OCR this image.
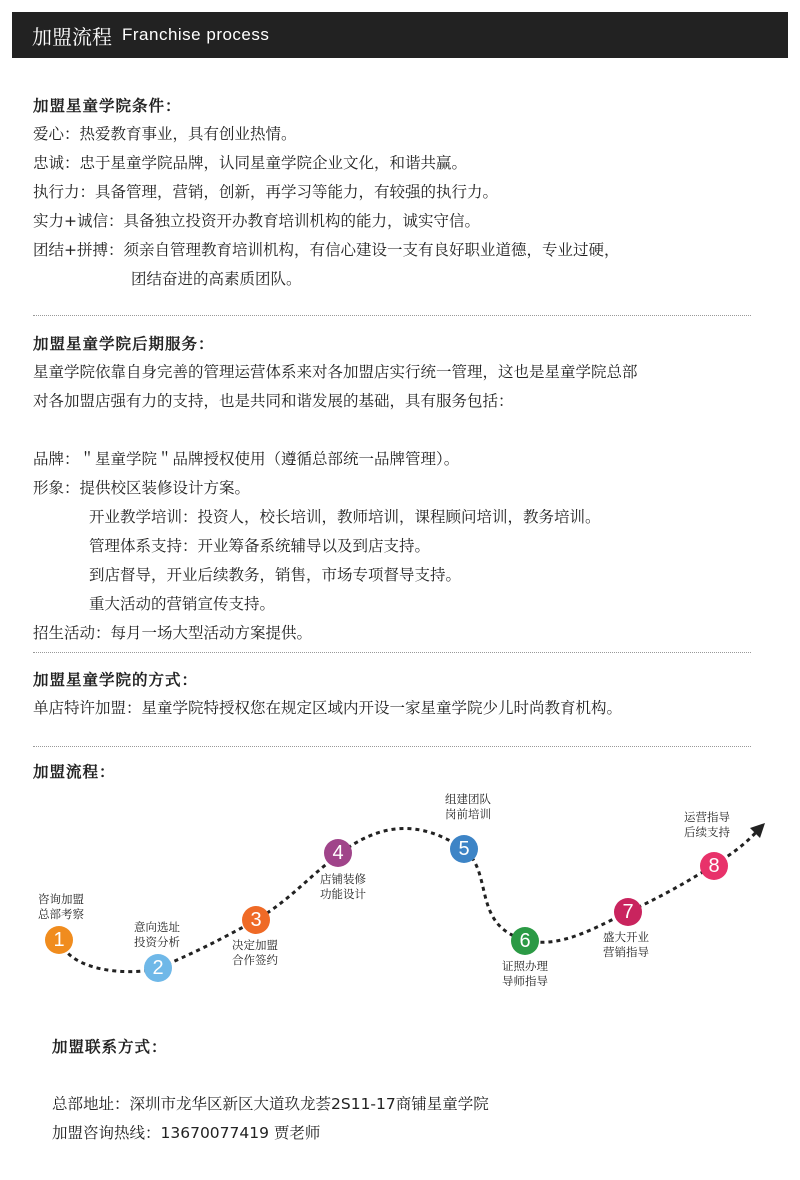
加盟流程 Franchise process
加盟星童学院条件：
爱心：热爱教育事业，具有创业热情。
忠诚：忠于星童学院品牌，认同星童学院企业文化，和谐共赢。
执行力：具备管理，营销，创新，再学习等能力，有较强的执行力。
实力+诚信：具备独立投资开办教育培训机构的能力，诚实守信。
团结+拼搏：须亲自管理教育培训机构，有信心建设一支有良好职业道德，专业过硬，
团结奋进的高素质团队。
加盟星童学院后期服务：
星童学院依靠自身完善的管理运营体系来对各加盟店实行统一管理，这也是星童学院总部
对各加盟店强有力的支持，也是共同和谐发展的基础，具有服务包括：
品牌：＂星童学院＂品牌授权使用（遵循总部统一品牌管理）。
形象：提供校区装修设计方案。
开业教学培训：投资人，校长培训，教师培训，课程顾问培训，教务培训。
管理体系支持：开业筹备系统辅导以及到店支持。
到店督导，开业后续教务，销售，市场专项督导支持。
重大活动的营销宣传支持。
招生活动：每月一场大型活动方案提供。
加盟星童学院的方式：
单店特许加盟：星童学院特授权您在规定区域内开设一家星童学院少儿时尚教育机构。
加盟流程：
咨询加盟
总部考察
1
意向选址
投资分析
2
3
决定加盟
合作签约
4
店铺装修
功能设计
组建团队
岗前培训
5
6
证照办理
导师指导
7
盛大开业
营销指导
运营指导
后续支持
8
加盟联系方式：
总部地址：深圳市龙华区新区大道玖龙荟2S11-17商铺星童学院
加盟咨询热线：13670077419 贾老师
